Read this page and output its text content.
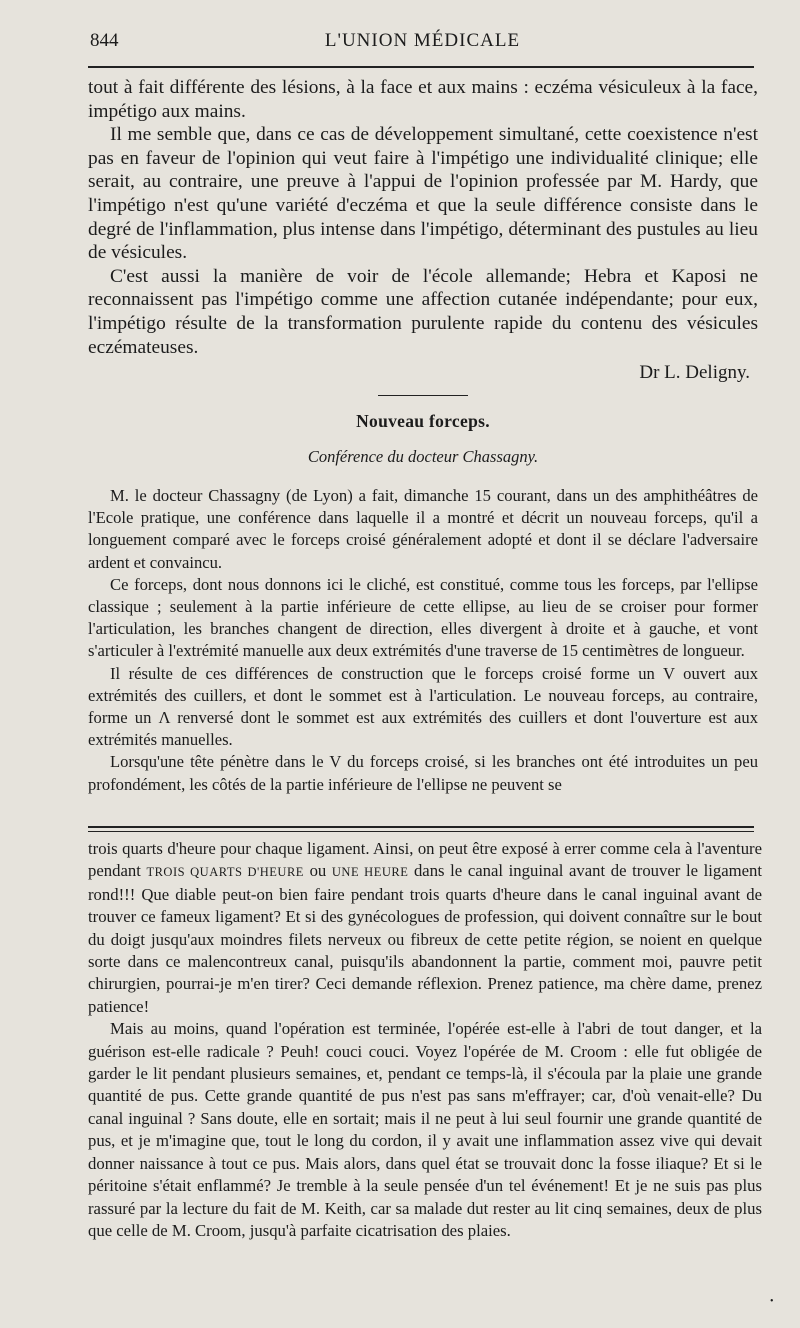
844	L'UNION MÉDICALE

tout à fait différente des lésions, à la face et aux mains : eczéma vésiculeux à la face, impétigo aux mains.

Il me semble que, dans ce cas de développement simultané, cette coexistence n'est pas en faveur de l'opinion qui veut faire à l'impétigo une individualité clinique; elle serait, au contraire, une preuve à l'appui de l'opinion professée par M. Hardy, que l'impétigo n'est qu'une variété d'eczéma et que la seule différence consiste dans le degré de l'inflammation, plus intense dans l'impétigo, déterminant des pustules au lieu de vésicules.

C'est aussi la manière de voir de l'école allemande; Hebra et Kaposi ne reconnaissent pas l'impétigo comme une affection cutanée indépendante; pour eux, l'impétigo résulte de la transformation purulente rapide du contenu des vésicules eczémateuses.

Dr L. Deligny.
Nouveau forceps.
Conférence du docteur Chassagny.

M. le docteur Chassagny (de Lyon) a fait, dimanche 15 courant, dans un des amphithéâtres de l'Ecole pratique, une conférence dans laquelle il a montré et décrit un nouveau forceps, qu'il a longuement comparé avec le forceps croisé généralement adopté et dont il se déclare l'adversaire ardent et convaincu.

Ce forceps, dont nous donnons ici le cliché, est constitué, comme tous les forceps, par l'ellipse classique ; seulement à la partie inférieure de cette ellipse, au lieu de se croiser pour former l'articulation, les branches changent de direction, elles divergent à droite et à gauche, et vont s'articuler à l'extrémité manuelle aux deux extrémités d'une traverse de 15 centimètres de longueur.

Il résulte de ces différences de construction que le forceps croisé forme un V ouvert aux extrémités des cuillers, et dont le sommet est à l'articulation. Le nouveau forceps, au contraire, forme un Λ renversé dont le sommet est aux extrémités des cuillers et dont l'ouverture est aux extrémités manuelles.

Lorsqu'une tête pénètre dans le V du forceps croisé, si les branches ont été introduites un peu profondément, les côtés de la partie inférieure de l'ellipse ne peuvent se

trois quarts d'heure pour chaque ligament. Ainsi, on peut être exposé à errer comme cela à l'aventure pendant TROIS QUARTS D'HEURE ou UNE HEURE dans le canal inguinal avant de trouver le ligament rond!!! Que diable peut-on bien faire pendant trois quarts d'heure dans le canal inguinal avant de trouver ce fameux ligament? Et si des gynécologues de profession, qui doivent connaître sur le bout du doigt jusqu'aux moindres filets nerveux ou fibreux de cette petite région, se noient en quelque sorte dans ce malencontreux canal, puisqu'ils abandonnent la partie, comment moi, pauvre petit chirurgien, pourrai-je m'en tirer? Ceci demande réflexion. Prenez patience, ma chère dame, prenez patience!

Mais au moins, quand l'opération est terminée, l'opérée est-elle à l'abri de tout danger, et la guérison est-elle radicale ? Peuh! couci couci. Voyez l'opérée de M. Croom : elle fut obligée de garder le lit pendant plusieurs semaines, et, pendant ce temps-là, il s'écoula par la plaie une grande quantité de pus. Cette grande quantité de pus n'est pas sans m'effrayer; car, d'où venait-elle? Du canal inguinal ? Sans doute, elle en sortait; mais il ne peut à lui seul fournir une grande quantité de pus, et je m'imagine que, tout le long du cordon, il y avait une inflammation assez vive qui devait donner naissance à tout ce pus. Mais alors, dans quel état se trouvait donc la fosse iliaque? Et si le péritoine s'était enflammé? Je tremble à la seule pensée d'un tel événement! Et je ne suis pas plus rassuré par la lecture du fait de M. Keith, car sa malade dut rester au lit cinq semaines, deux de plus que celle de M. Croom, jusqu'à parfaite cicatrisation des plaies.

•
